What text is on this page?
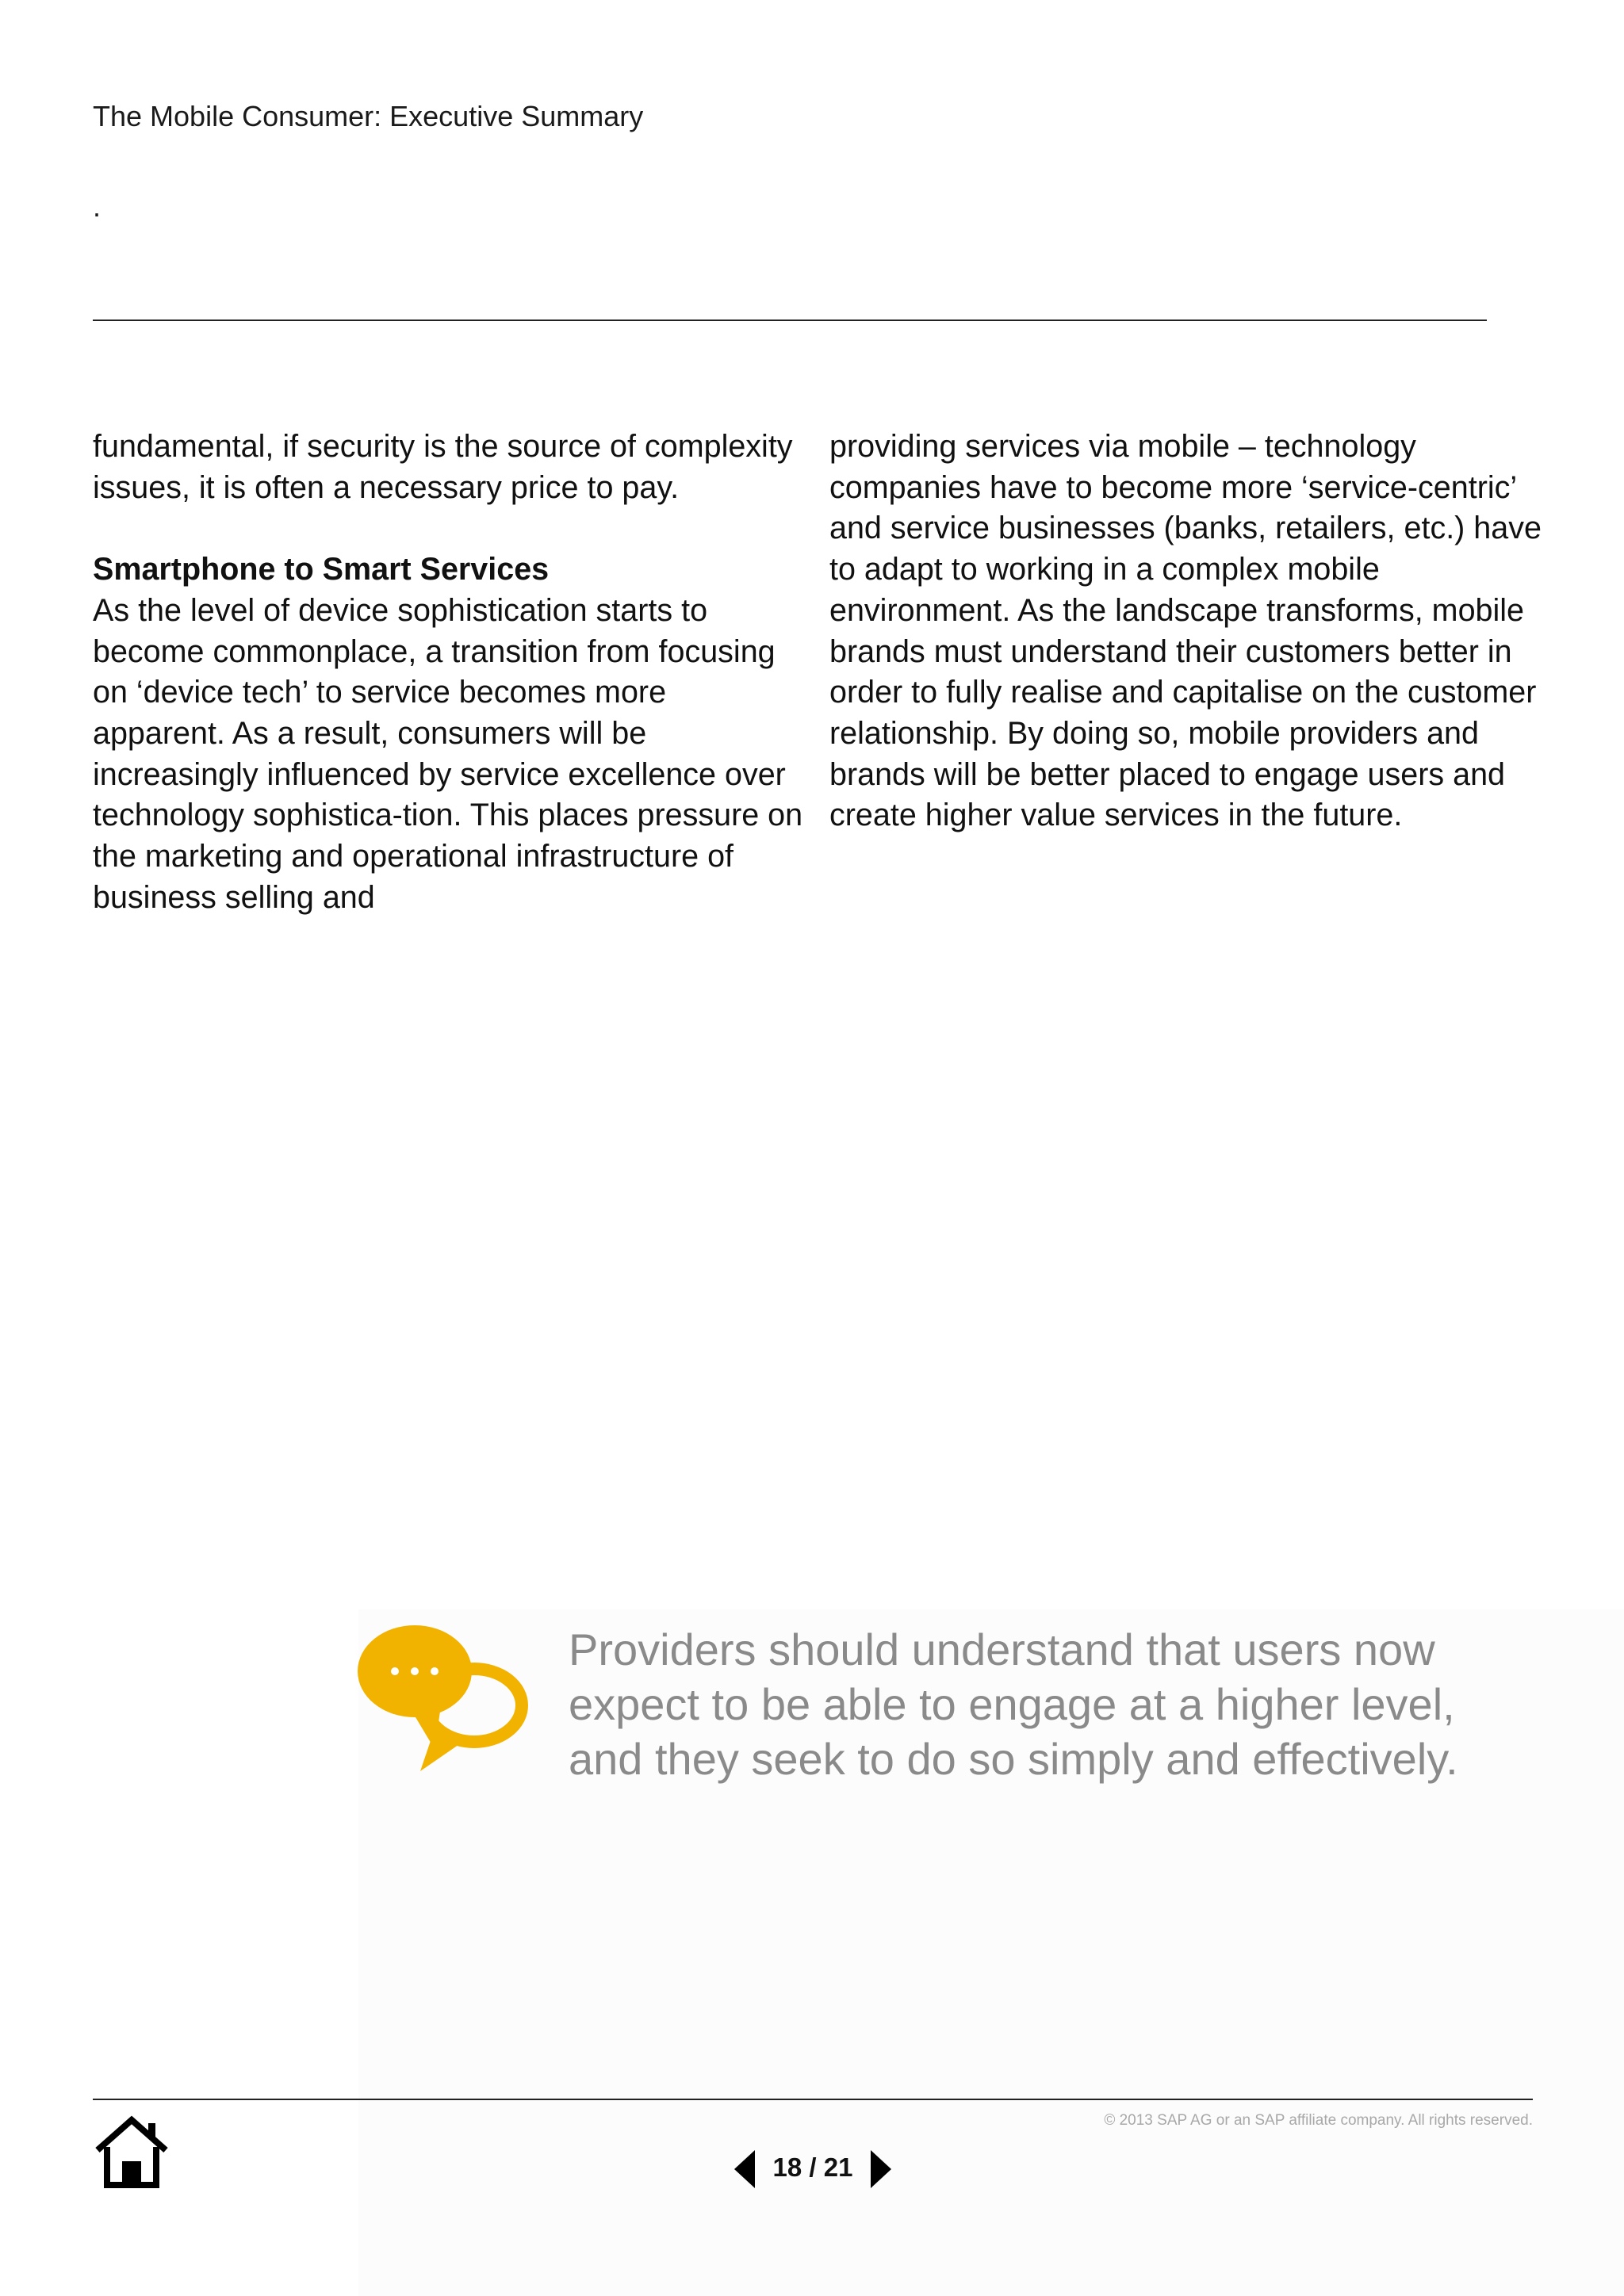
The Mobile Consumer: Executive Summary
.

fundamental, if security is the source of complexity issues, it is often a necessary price to pay.

Smartphone to Smart Services

As the level of device sophistication starts to become commonplace, a transition from focusing on ‘device tech’ to service becomes more apparent. As a result, consumers will be increasingly influenced by service excellence over technology sophistica-tion. This places pressure on the marketing and operational infrastructure of business selling and

providing services via mobile – technology companies have to become more ‘service-centric’ and service businesses (banks, retailers, etc.) have to adapt to working in a complex mobile environment. As the landscape transforms, mobile brands must understand their customers better in order to fully realise and capitalise on the customer relationship. By doing so, mobile providers and brands will be better placed to engage users and create higher value services in the future.

Providers should understand that users now expect to be able to engage at a higher level, and they seek to do so simply and effectively.
© 2013 SAP AG or an SAP affiliate company. All rights reserved.
18 / 21
